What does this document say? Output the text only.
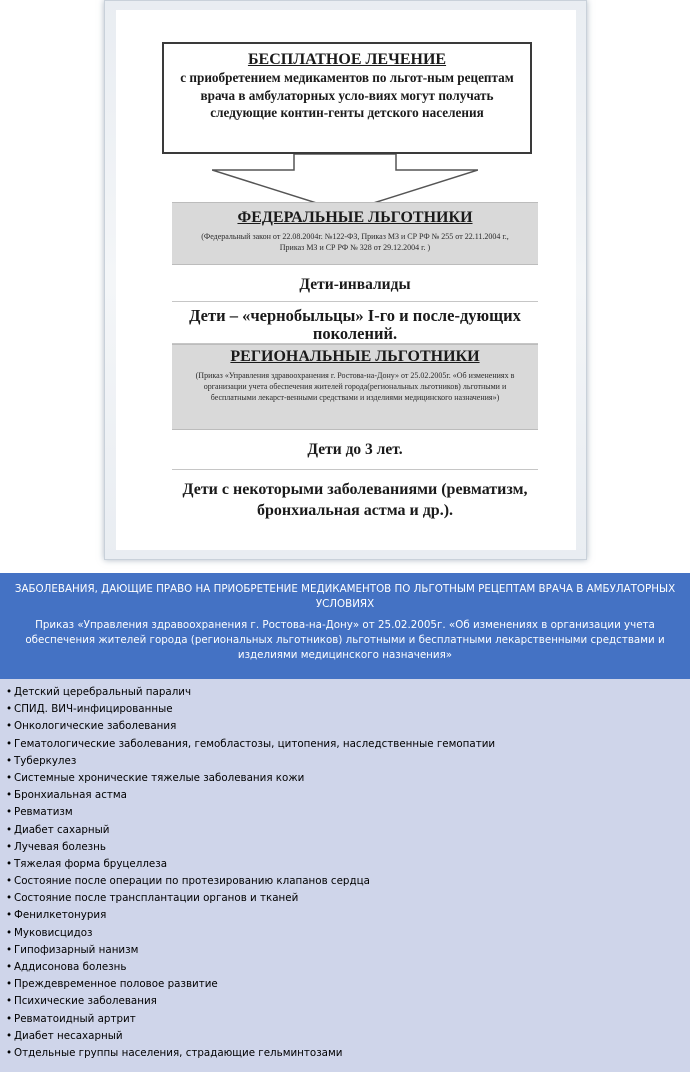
БЕСПЛАТНОЕ ЛЕЧЕНИЕ
с приобретением медикаментов по льгот-ным рецептам врача в амбулаторных усло-виях могут получать следующие контин-генты детского населения
ФЕДЕРАЛЬНЫЕ ЛЬГОТНИКИ
(Федеральный закон от 22.08.2004г. №122-ФЗ, Приказ МЗ и СР РФ № 255 от 22.11.2004 г., Приказ МЗ и СР РФ № 328 от 29.12.2004 г. )
Дети-инвалиды
Дети – «чернобыльцы» I-го и после-дующих поколений.
РЕГИОНАЛЬНЫЕ ЛЬГОТНИКИ
(Приказ «Управления здравоохранения г. Ростова-на-Дону» от 25.02.2005г. «Об изменениях в организации учета обеспечения жителей города(региональных льготников) льготными и бесплатными лекарст-венными средствами и изделиями медицинского назначения»)
Дети до 3 лет.
Дети с некоторыми заболеваниями (ревматизм, бронхиальная астма и др.).
ЗАБОЛЕВАНИЯ, ДАЮЩИЕ ПРАВО НА ПРИОБРЕТЕНИЕ МЕДИКАМЕНТОВ ПО ЛЬГОТНЫМ РЕЦЕПТАМ ВРАЧА В АМБУЛАТОРНЫХ УСЛОВИЯХ
Приказ «Управления здравоохранения г. Ростова-на-Дону» от 25.02.2005г. «Об изменениях в организации учета обеспечения жителей города (региональных льготников) льготными и бесплатными лекарственными средствами и изделиями медицинского назначения»
• Детский церебральный паралич
• СПИД. ВИЧ-инфицированные
• Онкологические заболевания
• Гематологические заболевания, гемобластозы, цитопения, наследственные гемопатии
• Туберкулез
• Системные хронические тяжелые заболевания кожи
• Бронхиальная астма
• Ревматизм
• Диабет сахарный
• Лучевая болезнь
• Тяжелая форма бруцеллеза
• Состояние после операции по протезированию клапанов сердца
• Состояние после трансплантации органов и тканей
• Фенилкетонурия
• Муковисцидоз
• Гипофизарный нанизм
• Аддисонова болезнь
• Преждевременное половое развитие
• Психические заболевания
• Ревматоидный артрит
• Диабет несахарный
• Отдельные группы населения, страдающие гельминтозами
